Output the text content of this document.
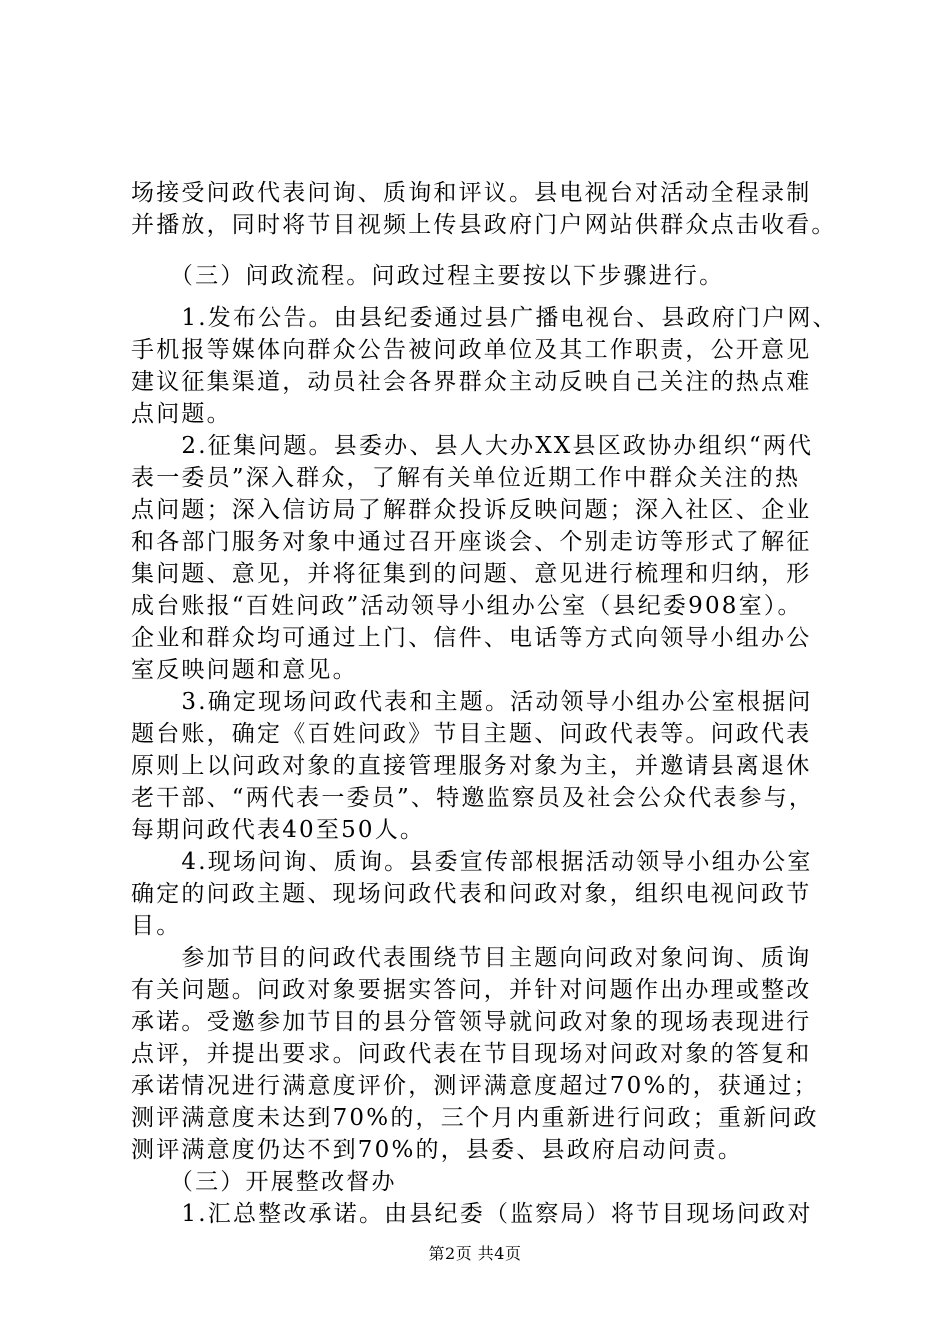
场接受问政代表问询、质询和评议。县电视台对活动全程录制
并播放，同时将节目视频上传县政府门户网站供群众点击收看。
　　（三）问政流程。问政过程主要按以下步骤进行。
　　1.发布公告。由县纪委通过县广播电视台、县政府门户网、
手机报等媒体向群众公告被问政单位及其工作职责，公开意见
建议征集渠道，动员社会各界群众主动反映自己关注的热点难
点问题。
　　2.征集问题。县委办、县人大办XX县区政协办组织“两代
表一委员”深入群众，了解有关单位近期工作中群众关注的热
点问题；深入信访局了解群众投诉反映问题；深入社区、企业
和各部门服务对象中通过召开座谈会、个别走访等形式了解征
集问题、意见，并将征集到的问题、意见进行梳理和归纳，形
成台账报“百姓问政”活动领导小组办公室（县纪委908室）。
企业和群众均可通过上门、信件、电话等方式向领导小组办公
室反映问题和意见。
　　3.确定现场问政代表和主题。活动领导小组办公室根据问
题台账，确定《百姓问政》节目主题、问政代表等。问政代表
原则上以问政对象的直接管理服务对象为主，并邀请县离退休
老干部、“两代表一委员”、特邀监察员及社会公众代表参与，
每期问政代表40至50人。
　　4.现场问询、质询。县委宣传部根据活动领导小组办公室
确定的问政主题、现场问政代表和问政对象，组织电视问政节
目。
　　参加节目的问政代表围绕节目主题向问政对象问询、质询
有关问题。问政对象要据实答问，并针对问题作出办理或整改
承诺。受邀参加节目的县分管领导就问政对象的现场表现进行
点评，并提出要求。问政代表在节目现场对问政对象的答复和
承诺情况进行满意度评价，测评满意度超过70%的，获通过；
测评满意度未达到70%的，三个月内重新进行问政；重新问政
测评满意度仍达不到70%的，县委、县政府启动问责。
　　（三）开展整改督办
　　1.汇总整改承诺。由县纪委（监察局）将节目现场问政对
第2页 共4页
